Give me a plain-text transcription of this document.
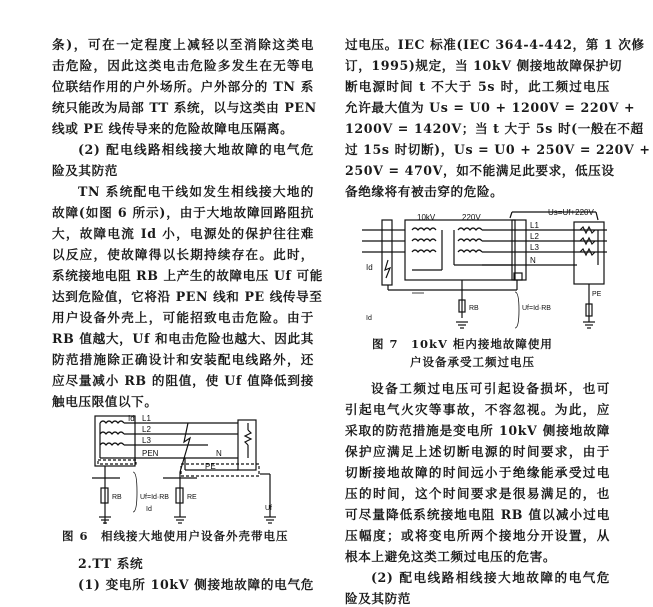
条)，可在一定程度上减轻以至消除这类电
击危险，因此这类电击危险多发生在无等电
位联结作用的户外场所。户外部分的 TN 系
统只能改为局部 TT 系统，以与这类由 PEN
线或 PE 线传导来的危险故障电压隔离。
(2) 配电线路相线接大地故障的电气危
险及其防范
TN 系统配电干线如发生相线接大地的
故障(如图 6 所示)，由于大地故障回路阻抗
大，故障电流 Id 小，电源处的保护往往难
以反应，使故障得以长期持续存在。此时，
系统接地电阻 RB 上产生的故障电压 Uf 可能
达到危险值，它将沿 PEN 线和 PE 线传导至
用户设备外壳上，可能招致电击危险。由于
RB 值越大，Uf 和电击危险也越大、因此其
防范措施除正确设计和安装配电线路外，还
应尽量减小 RB 的阻值，使 Uf 值降低到接
触电压限值以下。
Id L1
L2
L3
PEN	N
PE
RB	Uf=Id·RB
Id
RE
Uf
图 6　相线接大地使用户设备外壳带电压
2.TT 系统
(1) 变电所 10kV 侧接地故障的电气危
过电压。IEC 标准(IEC 364-4-442，第 1 次修
订，1995)规定，当 10kV 侧接地故障保护切
断电源时间 t 不大于 5s 时，此工频过电压
允许最大值为 Us = U0 + 1200V = 220V +
1200V = 1420V；当 t 大于 5s 时(一般在不超
过 15s 时切断)，Us = U0 + 250V = 220V +
250V = 470V，如不能满足此要求，低压设
备绝缘将有被击穿的危险。
10kV	220V
Us=Uf+220V
L1
L2
L3
N
Id
RB	Uf=Id·RB
PE
Id
图 7　10kV 柜内接地故障使用
户设备承受工频过电压
设备工频过电压可引起设备损坏，也可
引起电气火灾等事故，不容忽视。为此，应
采取的防范措施是变电所 10kV 侧接地故障
保护应满足上述切断电源的时间要求，由于
切断接地故障的时间远小于绝缘能承受过电
压的时间，这个时间要求是很易满足的，也
可尽量降低系统接地电阻 RB 值以减小过电
压幅度；或将变电所两个接地分开设置，从
根本上避免这类工频过电压的危害。
(2) 配电线路相线接大地故障的电气危
险及其防范
